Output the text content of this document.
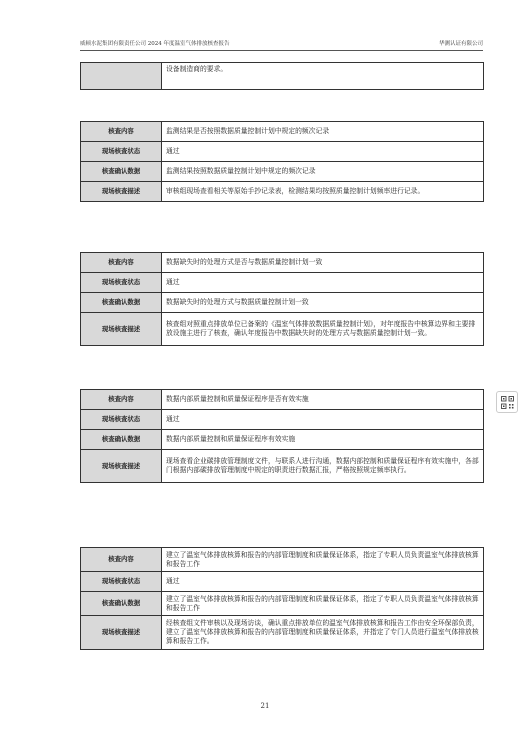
威顿水泥集团有限责任公司 2024 年度温室气体排放核查报告	华测认证有限公司
	设备制造商的要求。
核查内容	监测结果是否按照数据质量控制计划中规定的频次记录
现场核查状态	通过
核查确认数据	监测结果按照数据质量控制计划中规定的频次记录
现场核查描述	审核组现场查看相关等原始手抄记录表，检测结果均按照质量控制计划频率进行记录。
核查内容	数据缺失时的处理方式是否与数据质量控制计划一致
现场核查状态	通过
核查确认数据	数据缺失时的处理方式与数据质量控制计划一致
现场核查描述	核查组对照重点排放单位已备案的《温室气体排放数据质量控制计划》，对年度报告中核算边界和主要排放设施主进行了核查，确认年度报告中数据缺失时的处理方式与数据质量控制计划一致。
核查内容	数据内部质量控制和质量保证程序是否有效实施
现场核查状态	通过
核查确认数据	数据内部质量控制和质量保证程序有效实施
现场核查描述	现场查看企业碳排放管理制度文件，与联系人进行沟通，数据内部控制和质量保证程序有效实施中，各部门根据内部碳排放管理制度中规定的职责进行数据汇报，严格按照规定频率执行。
核查内容	建立了温室气体排放核算和报告的内部管理制度和质量保证体系，指定了专职人员负责温室气体排放核算和报告工作
现场核查状态	通过
核查确认数据	建立了温室气体排放核算和报告的内部管理制度和质量保证体系，指定了专职人员负责温室气体排放核算和报告工作
现场核查描述	经核查组文件审核以及现场访谈，确认重点排放单位的温室气体排放核算和报告工作由安全环保部负责，建立了温室气体排放核算和报告的内部管理制度和质量保证体系，并指定了专门人员进行温室气体排放核算和报告工作。
21
